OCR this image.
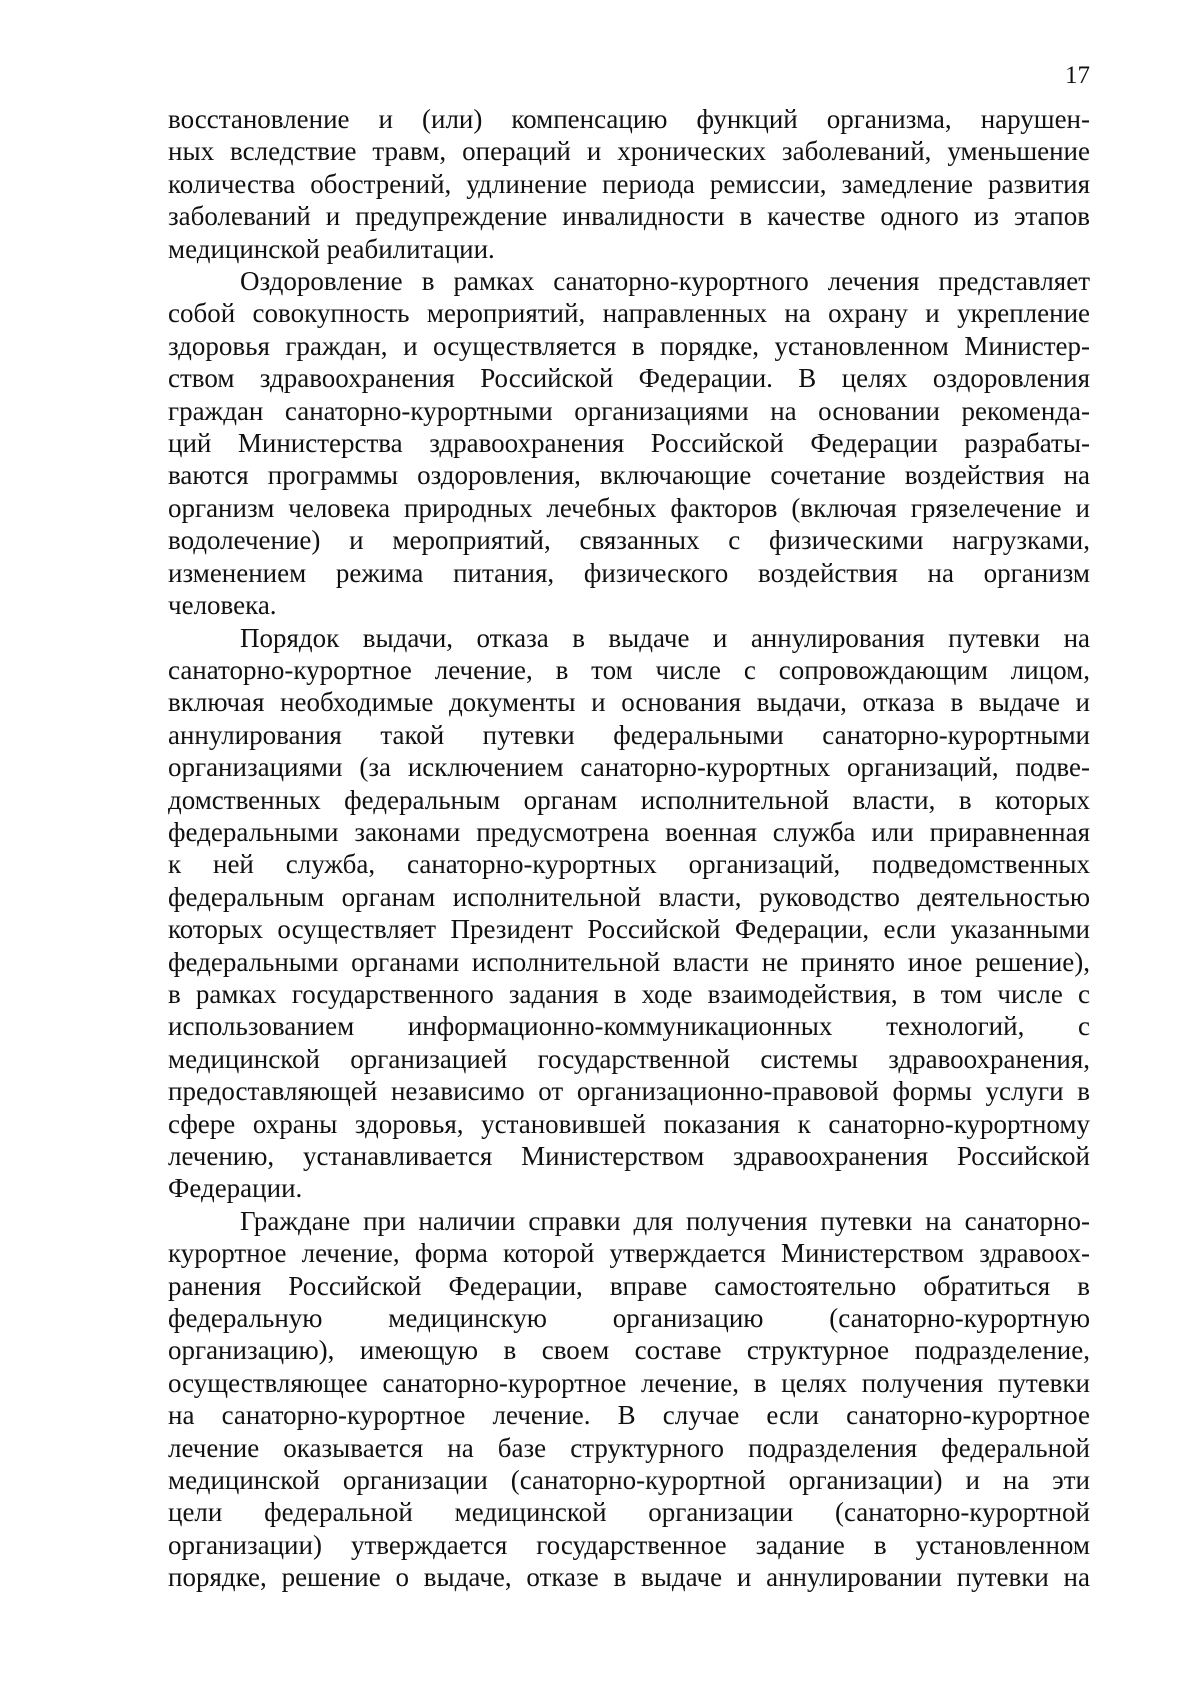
17

восстановление и (или) компенсацию функций организма, нарушен-
ных вследствие травм, операций и хронических заболеваний, уменьшение
количества обострений, удлинение периода ремиссии, замедление развития
заболеваний и предупреждение инвалидности в качестве одного из этапов
медицинской реабилитации.

Оздоровление в рамках санаторно-курортного лечения представляет
собой совокупность мероприятий, направленных на охрану и укрепление
здоровья граждан, и осуществляется в порядке, установленном Министер-
ством здравоохранения Российской Федерации. В целях оздоровления
граждан санаторно-курортными организациями на основании рекоменда-
ций Министерства здравоохранения Российской Федерации разрабаты-
ваются программы оздоровления, включающие сочетание воздействия на
организм человека природных лечебных факторов (включая грязелечение и
водолечение) и мероприятий, связанных с физическими нагрузками,
изменением режима питания, физического воздействия на организм
человека.

Порядок выдачи, отказа в выдаче и аннулирования путевки на
санаторно-курортное лечение, в том числе с сопровождающим лицом,
включая необходимые документы и основания выдачи, отказа в выдаче и
аннулирования такой путевки федеральными санаторно-курортными
организациями (за исключением санаторно-курортных организаций, подве-
домственных федеральным органам исполнительной власти, в которых
федеральными законами предусмотрена военная служба или приравненная
к ней служба, санаторно-курортных организаций, подведомственных
федеральным органам исполнительной власти, руководство деятельностью
которых осуществляет Президент Российской Федерации, если указанными
федеральными органами исполнительной власти не принято иное решение),
в рамках государственного задания в ходе взаимодействия, в том числе с
использованием информационно-коммуникационных технологий, с
медицинской организацией государственной системы здравоохранения,
предоставляющей независимо от организационно-правовой формы услуги в
сфере охраны здоровья, установившей показания к санаторно-курортному
лечению, устанавливается Министерством здравоохранения Российской
Федерации.

Граждане при наличии справки для получения путевки на санаторно-
курортное лечение, форма которой утверждается Министерством здравоох-
ранения Российской Федерации, вправе самостоятельно обратиться в
федеральную медицинскую организацию (санаторно-курортную
организацию), имеющую в своем составе структурное подразделение,
осуществляющее санаторно-курортное лечение, в целях получения путевки
на санаторно-курортное лечение. В случае если санаторно-курортное
лечение оказывается на базе структурного подразделения федеральной
медицинской организации (санаторно-курортной организации) и на эти
цели федеральной медицинской организации (санаторно-курортной
организации) утверждается государственное задание в установленном
порядке, решение о выдаче, отказе в выдаче и аннулировании путевки на
